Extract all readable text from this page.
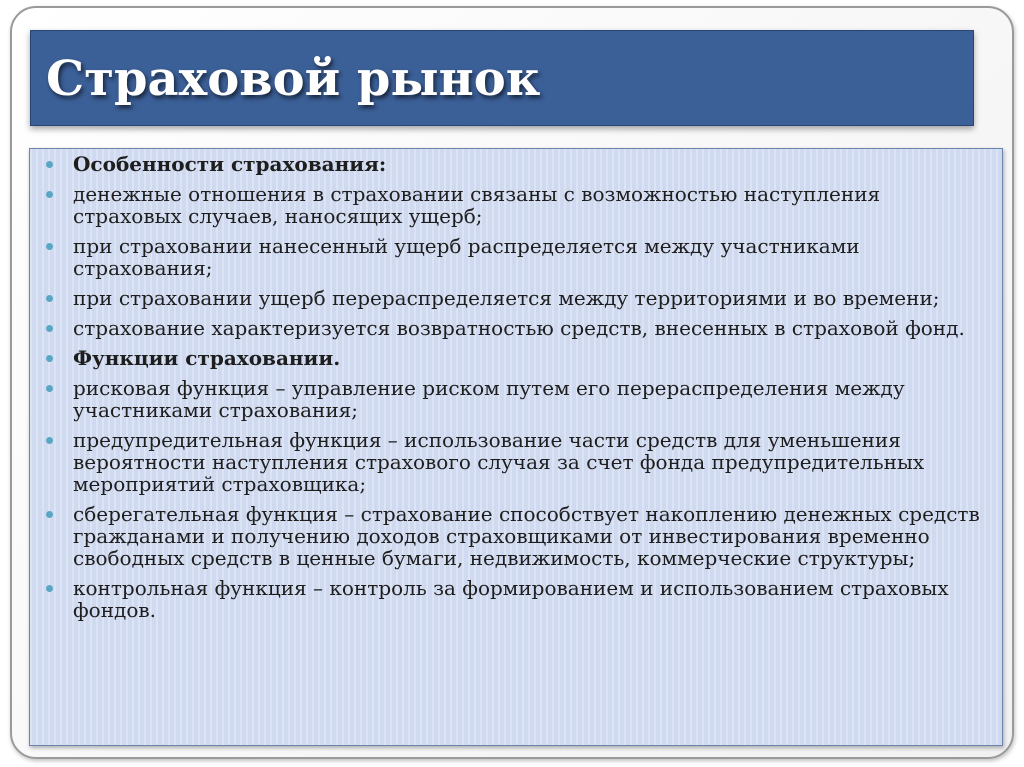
Страховой рынок
Особенности страхования:
денежные отношения в страховании связаны с возможностью наступления страховых случаев, наносящих ущерб;
при страховании нанесенный ущерб распределяется между участниками страхования;
при страховании ущерб перераспределяется между территориями и во времени;
страхование характеризуется возвратностью средств, внесенных в страховой фонд.
Функции страховании.
рисковая функция – управление риском путем его перераспределения между участниками страхования;
предупредительная функция – использование части средств для уменьшения вероятности наступления страхового случая за счет фонда предупредительных мероприятий страховщика;
сберегательная функция – страхование способствует накоплению денежных средств гражданами и получению доходов страховщиками от инвестирования временно свободных средств в ценные бумаги, недвижимость, коммерческие структуры;
контрольная функция – контроль за формированием и использованием страховых фондов.
